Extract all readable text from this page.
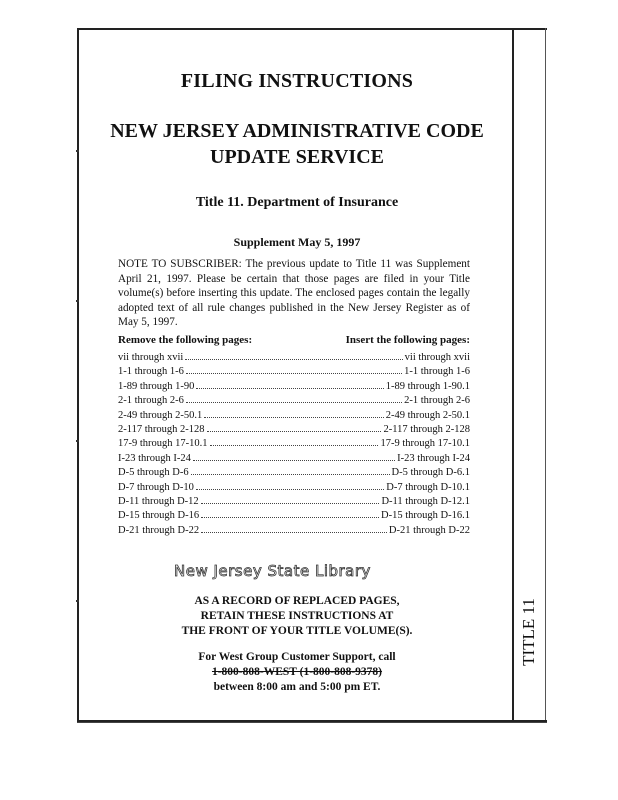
FILING INSTRUCTIONS
NEW JERSEY ADMINISTRATIVE CODE
UPDATE SERVICE
Title 11. Department of Insurance
Supplement May 5, 1997
NOTE TO SUBSCRIBER: The previous update to Title 11 was Supplement April 21, 1997. Please be certain that those pages are filed in your Title volume(s) before inserting this update. The enclosed pages contain the legally adopted text of all rule changes published in the New Jersey Register as of May 5, 1997.
Remove the following pages:	Insert the following pages:
vii through xvii	vii through xvii
1-1 through 1-6	1-1 through 1-6
1-89 through 1-90	1-89 through 1-90.1
2-1 through 2-6	2-1 through 2-6
2-49 through 2-50.1	2-49 through 2-50.1
2-117 through 2-128	2-117 through 2-128
17-9 through 17-10.1	17-9 through 17-10.1
I-23 through I-24	I-23 through I-24
D-5 through D-6	D-5 through D-6.1
D-7 through D-10	D-7 through D-10.1
D-11 through D-12	D-11 through D-12.1
D-15 through D-16	D-15 through D-16.1
D-21 through D-22	D-21 through D-22
New Jersey State Library
AS A RECORD OF REPLACED PAGES,
RETAIN THESE INSTRUCTIONS AT
THE FRONT OF YOUR TITLE VOLUME(S).
For West Group Customer Support, call
1-800-808-WEST (1-800-808-9378)
between 8:00 am and 5:00 pm ET.
TITLE 11
